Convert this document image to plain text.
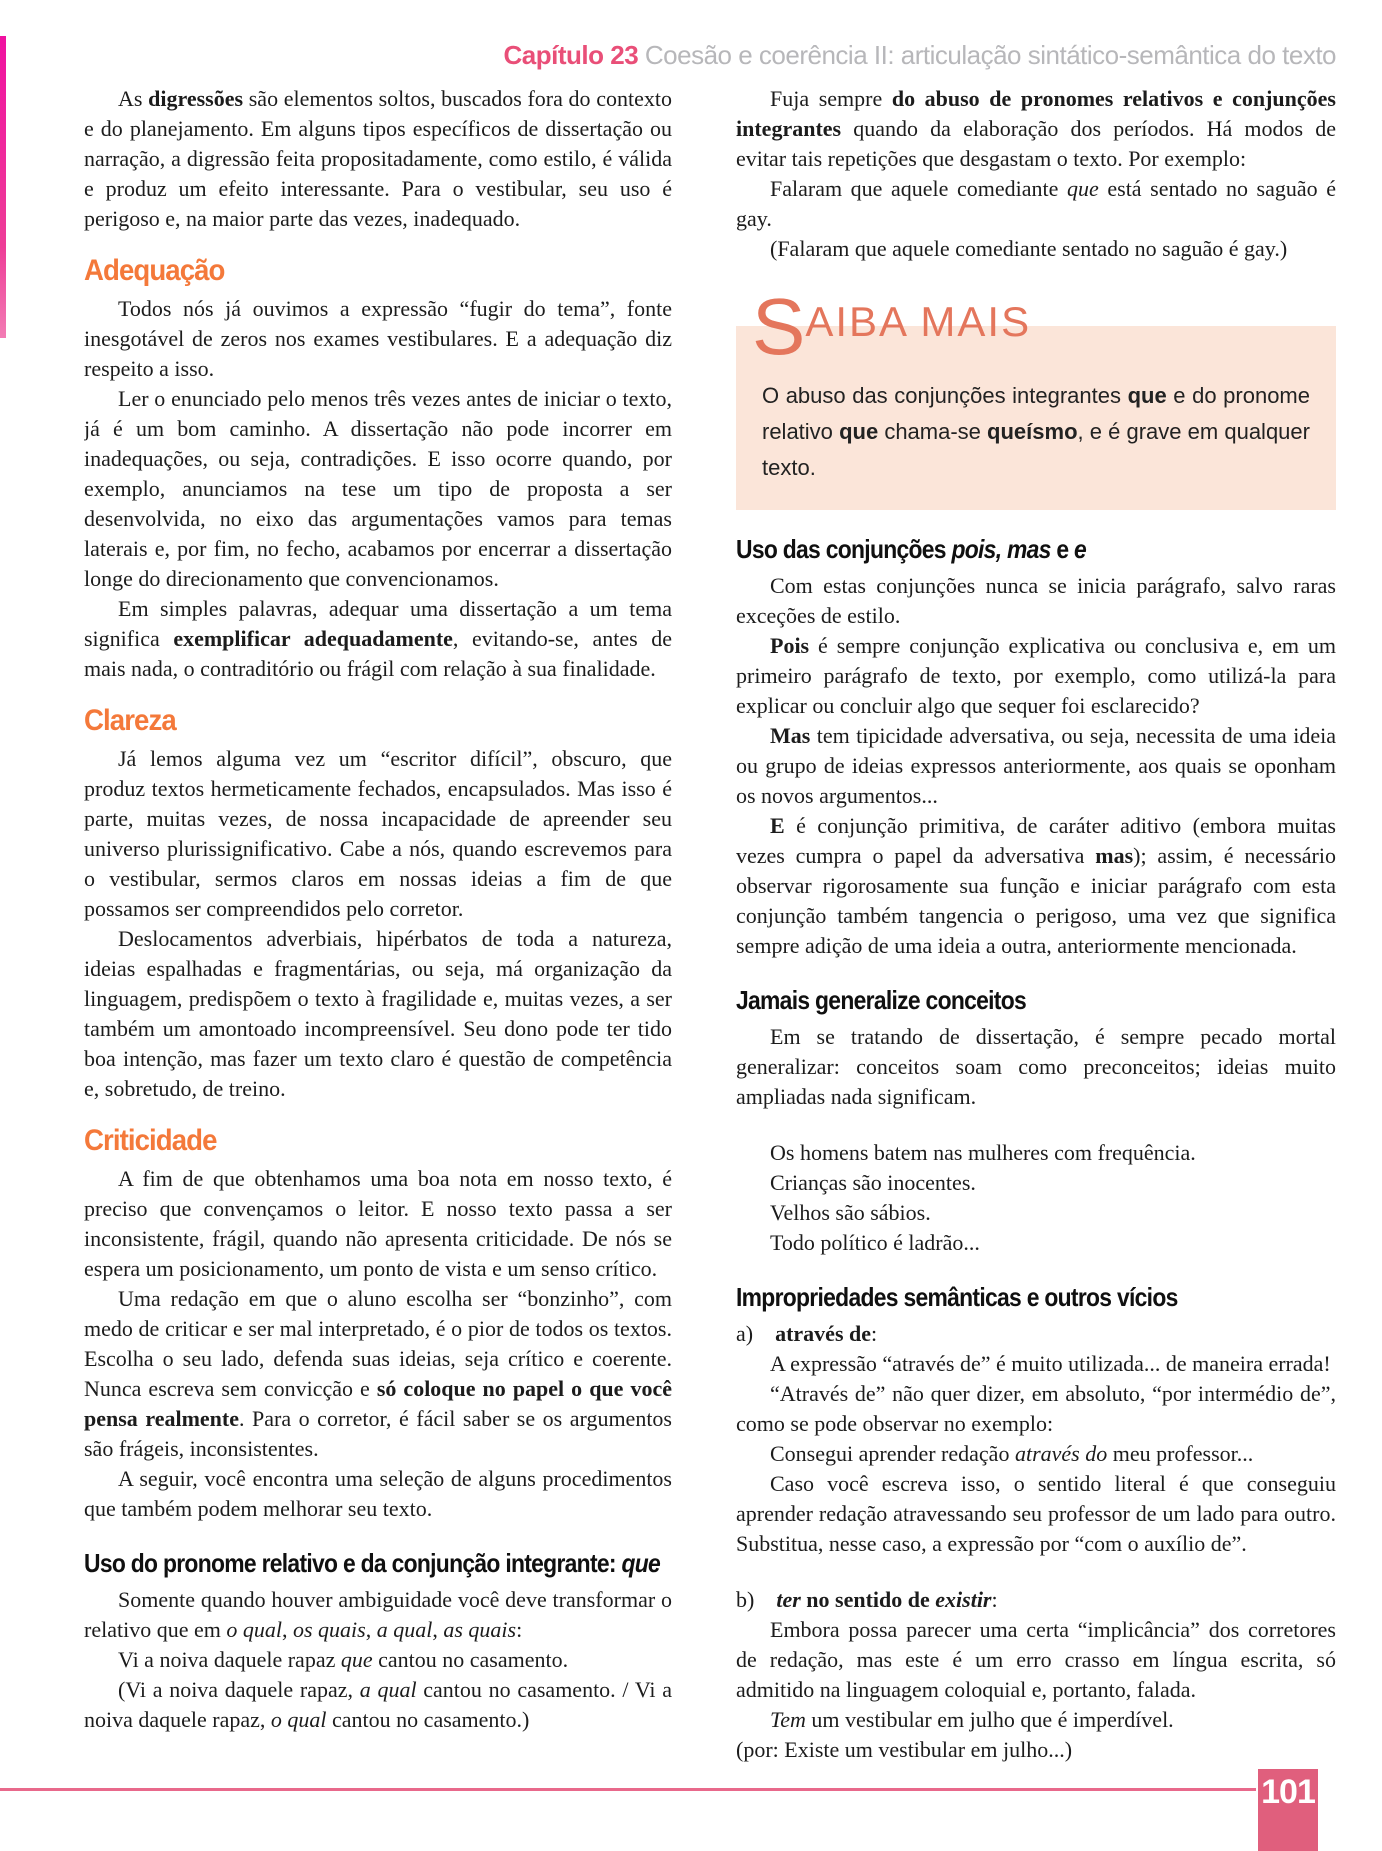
Capítulo 23 Coesão e coerência II: articulação sintático-semântica do texto

As digressões são elementos soltos, buscados fora do contexto e do planejamento. Em alguns tipos específicos de dissertação ou narração, a digressão feita propositadamente, como estilo, é válida e produz um efeito interessante. Para o vestibular, seu uso é perigoso e, na maior parte das vezes, inadequado.

Adequação

Todos nós já ouvimos a expressão “fugir do tema”, fonte inesgotável de zeros nos exames vestibulares. E a adequação diz respeito a isso.

Ler o enunciado pelo menos três vezes antes de iniciar o texto, já é um bom caminho. A dissertação não pode incorrer em inadequações, ou seja, contradições. E isso ocorre quando, por exemplo, anunciamos na tese um tipo de proposta a ser desenvolvida, no eixo das argumentações vamos para temas laterais e, por fim, no fecho, acabamos por encerrar a dissertação longe do direcionamento que convencionamos.

Em simples palavras, adequar uma dissertação a um tema significa exemplificar adequadamente, evitando-se, antes de mais nada, o contraditório ou frágil com relação à sua finalidade.

Clareza

Já lemos alguma vez um “escritor difícil”, obscuro, que produz textos hermeticamente fechados, encapsulados. Mas isso é parte, muitas vezes, de nossa incapacidade de apreender seu universo plurissignificativo. Cabe a nós, quando escrevemos para o vestibular, sermos claros em nossas ideias a fim de que possamos ser compreendidos pelo corretor.

Deslocamentos adverbiais, hipérbatos de toda a natureza, ideias espalhadas e fragmentárias, ou seja, má organização da linguagem, predispõem o texto à fragilidade e, muitas vezes, a ser também um amontoado incompreensível. Seu dono pode ter tido boa intenção, mas fazer um texto claro é questão de competência e, sobretudo, de treino.

Criticidade

A fim de que obtenhamos uma boa nota em nosso texto, é preciso que convençamos o leitor. E nosso texto passa a ser inconsistente, frágil, quando não apresenta criticidade. De nós se espera um posicionamento, um ponto de vista e um senso crítico.

Uma redação em que o aluno escolha ser “bonzinho”, com medo de criticar e ser mal interpretado, é o pior de todos os textos. Escolha o seu lado, defenda suas ideias, seja crítico e coerente. Nunca escreva sem convicção e só coloque no papel o que você pensa realmente. Para o corretor, é fácil saber se os argumentos são frágeis, inconsistentes.

A seguir, você encontra uma seleção de alguns procedimentos que também podem melhorar seu texto.

Uso do pronome relativo e da conjunção integrante: que

Somente quando houver ambiguidade você deve transformar o relativo que em o qual, os quais, a qual, as quais:

Vi a noiva daquele rapaz que cantou no casamento.

(Vi a noiva daquele rapaz, a qual cantou no casamento. / Vi a noiva daquele rapaz, o qual cantou no casamento.)

Fuja sempre do abuso de pronomes relativos e conjunções integrantes quando da elaboração dos períodos. Há modos de evitar tais repetições que desgastam o texto. Por exemplo:

Falaram que aquele comediante que está sentado no saguão é gay.

(Falaram que aquele comediante sentado no saguão é gay.)

S AIBA MAIS

O abuso das conjunções integrantes que e do pronome relativo que chama-se queísmo, e é grave em qualquer texto.

Uso das conjunções pois, mas e e

Com estas conjunções nunca se inicia parágrafo, salvo raras exceções de estilo.

Pois é sempre conjunção explicativa ou conclusiva e, em um primeiro parágrafo de texto, por exemplo, como utilizá-la para explicar ou concluir algo que sequer foi esclarecido?

Mas tem tipicidade adversativa, ou seja, necessita de uma ideia ou grupo de ideias expressos anteriormente, aos quais se oponham os novos argumentos...

E é conjunção primitiva, de caráter aditivo (embora muitas vezes cumpra o papel da adversativa mas); assim, é necessário observar rigorosamente sua função e iniciar parágrafo com esta conjunção também tangencia o perigoso, uma vez que significa sempre adição de uma ideia a outra, anteriormente mencionada.

Jamais generalize conceitos

Em se tratando de dissertação, é sempre pecado mortal generalizar: conceitos soam como preconceitos; ideias muito ampliadas nada significam.

Os homens batem nas mulheres com frequência.

Crianças são inocentes.

Velhos são sábios.

Todo político é ladrão...

Impropriedades semânticas e outros vícios

a) através de:

A expressão “através de” é muito utilizada... de maneira errada!

“Através de” não quer dizer, em absoluto, “por intermédio de”, como se pode observar no exemplo:

Consegui aprender redação através do meu professor...

Caso você escreva isso, o sentido literal é que conseguiu aprender redação atravessando seu professor de um lado para outro. Substitua, nesse caso, a expressão por “com o auxílio de”.

b) ter no sentido de existir:

Embora possa parecer uma certa “implicância” dos corretores de redação, mas este é um erro crasso em língua escrita, só admitido na linguagem coloquial e, portanto, falada.

Tem um vestibular em julho que é imperdível.

(por: Existe um vestibular em julho...)

101
